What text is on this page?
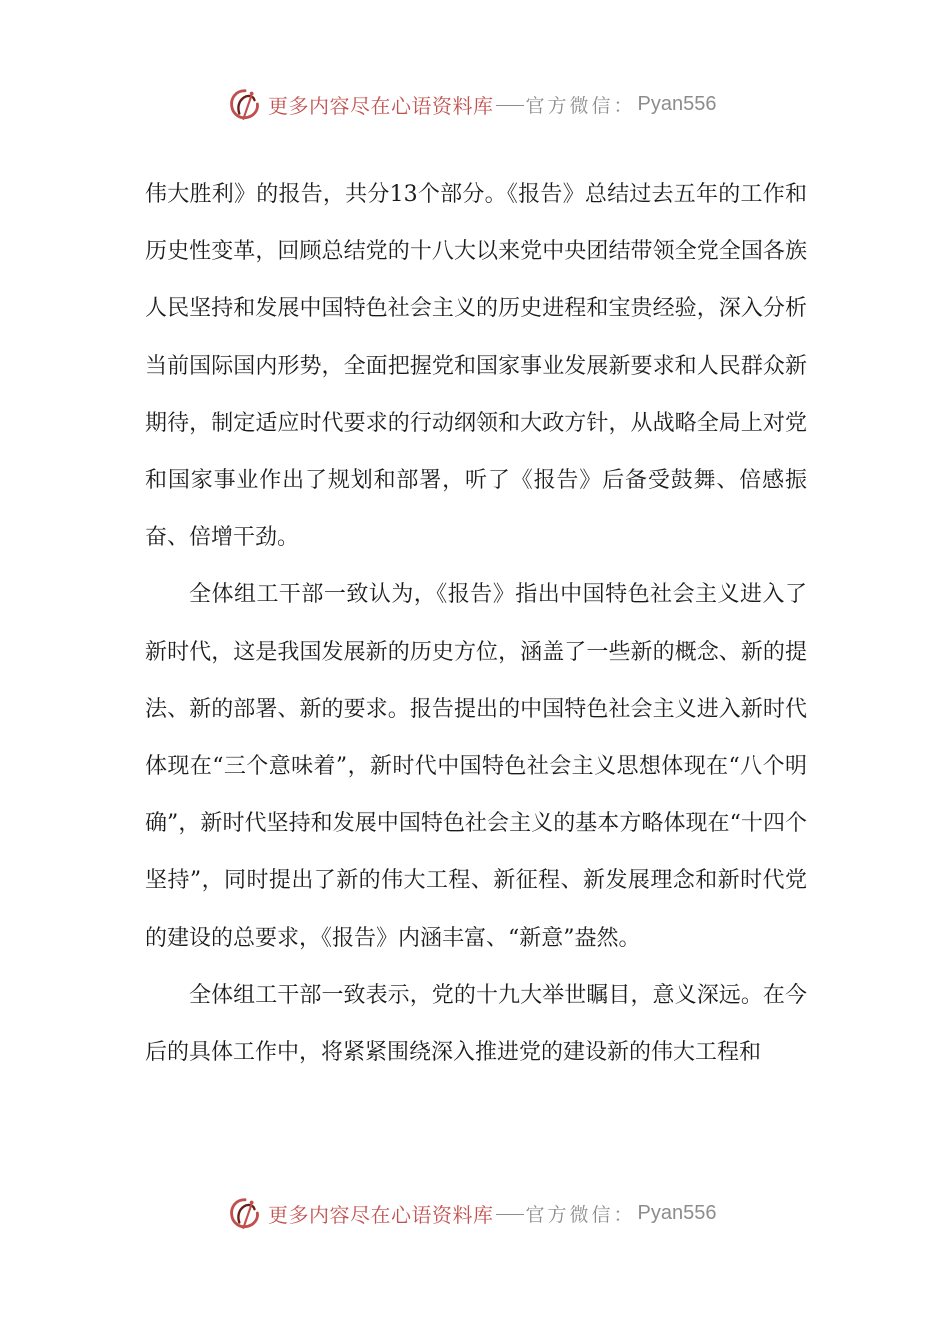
更多内容尽在心语资料库 官方微信： Pyan556

伟大胜利》的报告，共分13个部分。《报告》总结过去五年的工作和历史性变革，回顾总结党的十八大以来党中央团结带领全党全国各族人民坚持和发展中国特色社会主义的历史进程和宝贵经验，深入分析当前国际国内形势，全面把握党和国家事业发展新要求和人民群众新期待，制定适应时代要求的行动纲领和大政方针，从战略全局上对党和国家事业作出了规划和部署，听了《报告》后备受鼓舞、倍感振奋、倍增干劲。

全体组工干部一致认为，《报告》指出中国特色社会主义进入了新时代，这是我国发展新的历史方位，涵盖了一些新的概念、新的提法、新的部署、新的要求。报告提出的中国特色社会主义进入新时代体现在“三个意味着”，新时代中国特色社会主义思想体现在“八个明确”，新时代坚持和发展中国特色社会主义的基本方略体现在“十四个坚持”，同时提出了新的伟大工程、新征程、新发展理念和新时代党的建设的总要求，《报告》内涵丰富、“新意”盎然。

全体组工干部一致表示，党的十九大举世瞩目，意义深远。在今后的具体工作中，将紧紧围绕深入推进党的建设新的伟大工程和

更多内容尽在心语资料库 官方微信： Pyan556
